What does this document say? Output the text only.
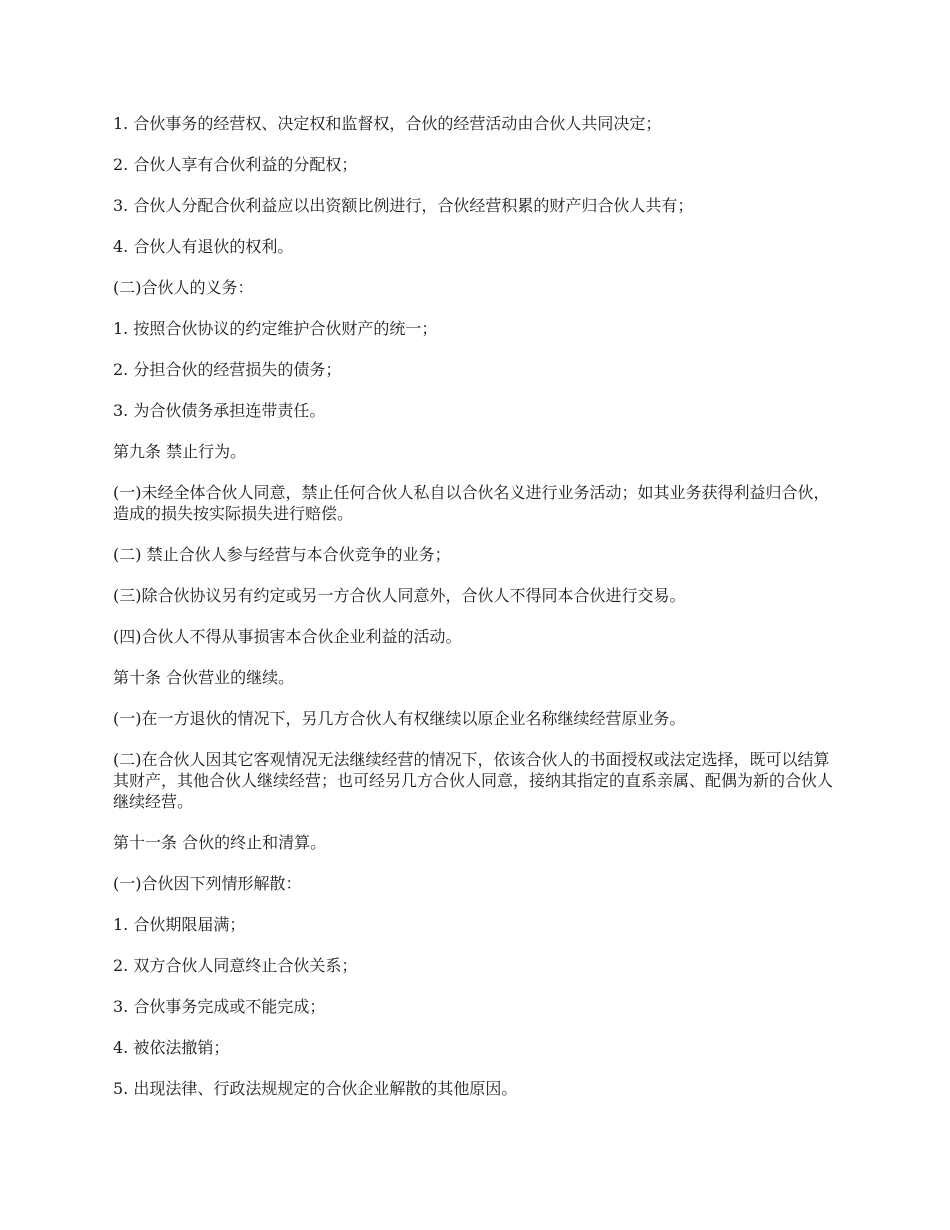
1. 合伙事务的经营权、决定权和监督权，合伙的经营活动由合伙人共同决定；

2. 合伙人享有合伙利益的分配权；

3. 合伙人分配合伙利益应以出资额比例进行，合伙经营积累的财产归合伙人共有；

4. 合伙人有退伙的权利。

(二)合伙人的义务：

1. 按照合伙协议的约定维护合伙财产的统一；

2. 分担合伙的经营损失的债务；

3. 为合伙债务承担连带责任。

第九条 禁止行为。

(一)未经全体合伙人同意，禁止任何合伙人私自以合伙名义进行业务活动；如其业务获得利益归合伙，造成的损失按实际损失进行赔偿。

(二) 禁止合伙人参与经营与本合伙竞争的业务；

(三)除合伙协议另有约定或另一方合伙人同意外，合伙人不得同本合伙进行交易。

(四)合伙人不得从事损害本合伙企业利益的活动。

第十条 合伙营业的继续。

(一)在一方退伙的情况下，另几方合伙人有权继续以原企业名称继续经营原业务。

(二)在合伙人因其它客观情况无法继续经营的情况下，依该合伙人的书面授权或法定选择，既可以结算其财产，其他合伙人继续经营；也可经另几方合伙人同意，接纳其指定的直系亲属、配偶为新的合伙人继续经营。

第十一条 合伙的终止和清算。

(一)合伙因下列情形解散：

1. 合伙期限届满；

2. 双方合伙人同意终止合伙关系；

3. 合伙事务完成或不能完成；

4. 被依法撤销；

5. 出现法律、行政法规规定的合伙企业解散的其他原因。
